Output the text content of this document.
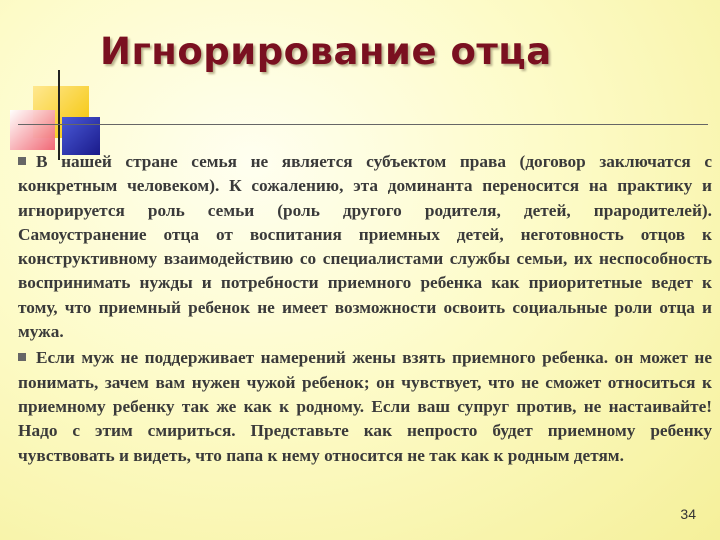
Игнорирование отца

В нашей стране семья не является субъектом права (договор заключатся с конкретным человеком). К сожалению, эта доминанта переносится на практику и игнорируется роль семьи (роль другого родителя, детей, прародителей). Самоустранение отца от воспитания приемных детей, неготовность отцов к конструктивному взаимодействию со специалистами службы семьи, их неспособность воспринимать нужды и потребности приемного ребенка как приоритетные ведет к тому, что приемный ребенок не имеет возможности освоить социальные роли отца и мужа.

Если муж не поддерживает намерений жены взять приемного ребенка. он может не понимать, зачем вам нужен чужой ребенок; он чувствует, что не сможет относиться к приемному ребенку так же как к родному. Если ваш супруг против, не настаивайте! Надо с этим смириться. Представьте как непросто будет приемному ребенку чувствовать и видеть, что папа к нему относится не так как к родным детям.

34
